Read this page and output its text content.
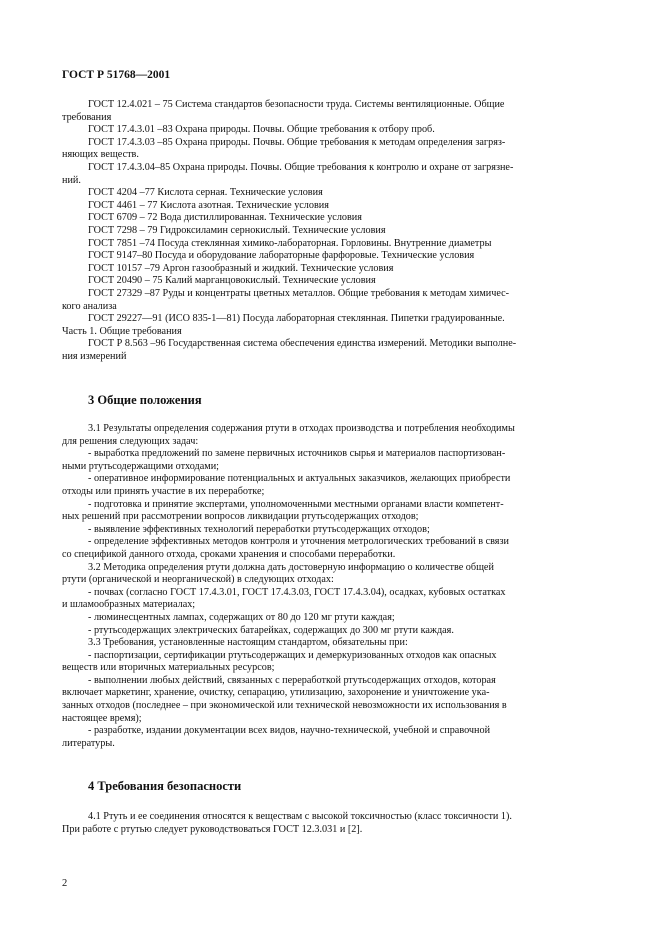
ГОСТ Р 51768—2001
ГОСТ 12.4.021 – 75 Система стандартов безопасности труда. Системы вентиляционные. Общие
требования
ГОСТ 17.4.3.01 –83 Охрана природы. Почвы. Общие требования к отбору проб.
ГОСТ 17.4.3.03 –85 Охрана природы. Почвы. Общие требования к методам определения загряз-
няющих веществ.
ГОСТ 17.4.3.04–85 Охрана природы. Почвы. Общие требования к контролю и охране от загрязне-
ний.
ГОСТ 4204 –77 Кислота серная. Технические условия
ГОСТ 4461 – 77 Кислота азотная. Технические условия
ГОСТ 6709 – 72 Вода дистиллированная. Технические условия
ГОСТ 7298 – 79 Гидроксиламин сернокислый. Технические условия
ГОСТ 7851 –74 Посуда стеклянная химико-лабораторная. Горловины. Внутренние диаметры
ГОСТ 9147–80 Посуда и оборудование лабораторные фарфоровые. Технические условия
ГОСТ 10157 –79 Аргон газообразный и жидкий. Технические условия
ГОСТ 20490 – 75 Калий марганцовокислый. Технические условия
ГОСТ 27329 –87 Руды и концентраты цветных металлов. Общие требования к методам химичес-
кого анализа
ГОСТ 29227—91 (ИСО 835-1—81) Посуда лабораторная стеклянная. Пипетки градуированные.
Часть 1. Общие требования
ГОСТ Р 8.563 –96 Государственная система обеспечения единства измерений. Методики выполне-
ния измерений
3 Общие положения
3.1 Результаты определения содержания ртути в отходах производства и потребления необходимы
для решения следующих задач:
- выработка предложений по замене первичных источников сырья и материалов паспортизован-
ными ртутьсодержащими отходами;
- оперативное информирование потенциальных и актуальных заказчиков, желающих приобрести
отходы или принять участие в их переработке;
- подготовка и принятие экспертами, уполномоченными местными органами власти компетент-
ных решений при рассмотрении вопросов ликвидации ртутьсодержащих отходов;
- выявление эффективных технологий переработки ртутьсодержащих отходов;
- определение эффективных методов контроля и уточнения метрологических требований в связи
со спецификой данного отхода, сроками хранения и способами переработки.
3.2 Методика определения ртути должна дать достоверную информацию о количестве общей
ртути (органической и неорганической) в следующих отходах:
- почвах (согласно ГОСТ 17.4.3.01, ГОСТ 17.4.3.03, ГОСТ 17.4.3.04), осадках, кубовых остатках
и шламообразных материалах;
- люминесцентных лампах, содержащих от 80 до 120 мг ртути каждая;
- ртутьсодержащих электрических батарейках, содержащих до 300 мг ртути каждая.
3.3 Требования, установленные настоящим стандартом, обязательны при:
- паспортизации, сертификации ртутьсодержащих и демеркуризованных отходов как опасных
веществ или вторичных материальных ресурсов;
- выполнении любых действий, связанных с переработкой ртутьсодержащих отходов, которая
включает маркетинг, хранение, очистку, сепарацию, утилизацию, захоронение и уничтожение ука-
занных отходов (последнее – при экономической или технической невозможности их использования в
настоящее время);
- разработке, издании документации всех видов, научно-технической, учебной и справочной
литературы.
4 Требования безопасности
4.1 Ртуть и ее соединения относятся к веществам с высокой токсичностью (класс токсичности 1).
При работе с ртутью следует руководствоваться ГОСТ 12.3.031 и [2].
2
